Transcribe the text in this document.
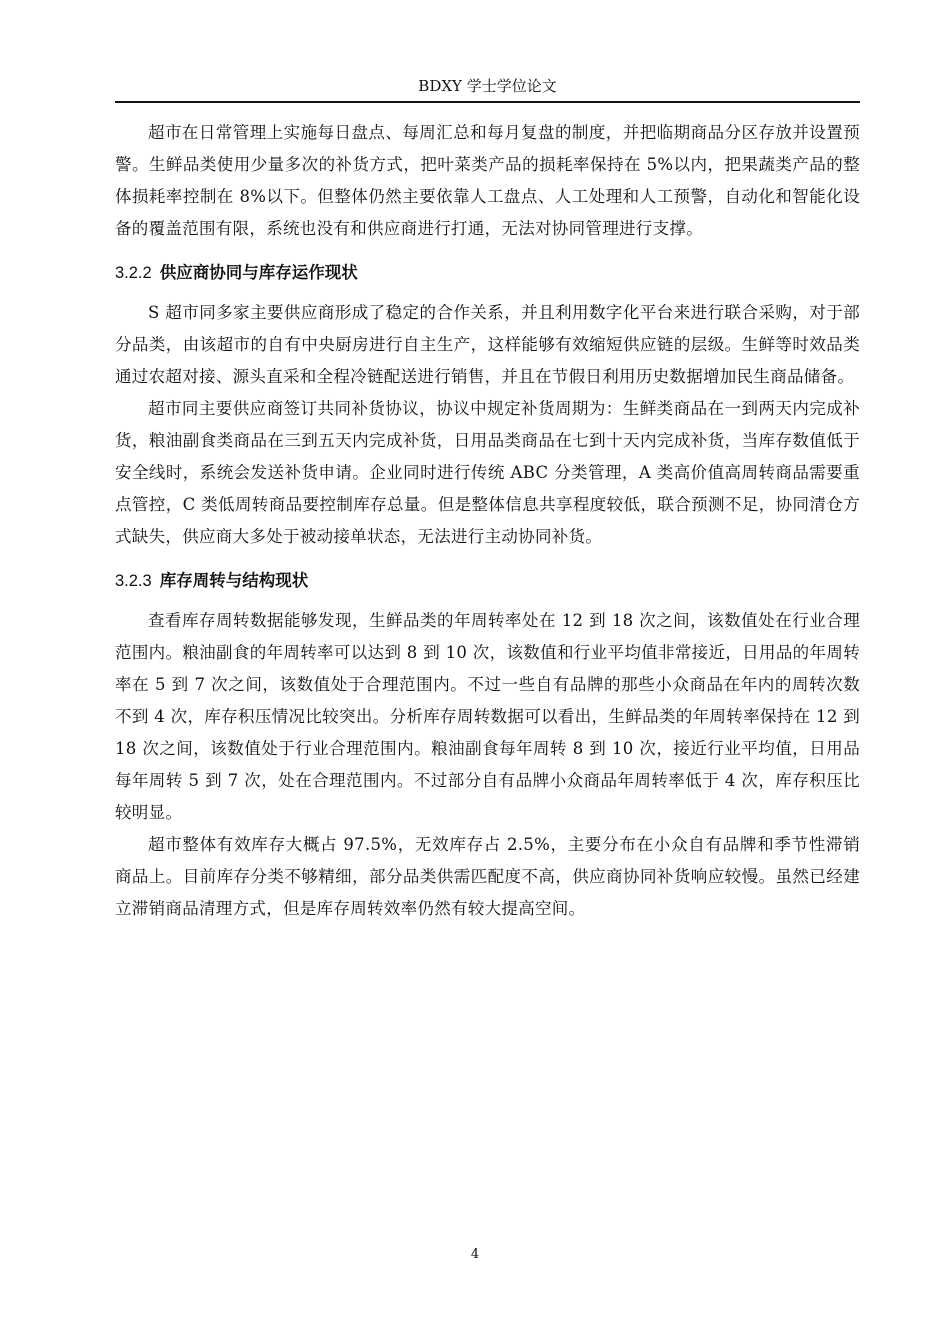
BDXY 学士学位论文

超市在日常管理上实施每日盘点、每周汇总和每月复盘的制度，并把临期商品分区存放并设置预警。生鲜品类使用少量多次的补货方式，把叶菜类产品的损耗率保持在 5%以内，把果蔬类产品的整体损耗率控制在 8%以下。但整体仍然主要依靠人工盘点、人工处理和人工预警，自动化和智能化设备的覆盖范围有限，系统也没有和供应商进行打通，无法对协同管理进行支撑。

3.2.2 供应商协同与库存运作现状

S 超市同多家主要供应商形成了稳定的合作关系，并且利用数字化平台来进行联合采购，对于部分品类，由该超市的自有中央厨房进行自主生产，这样能够有效缩短供应链的层级。生鲜等时效品类通过农超对接、源头直采和全程冷链配送进行销售，并且在节假日利用历史数据增加民生商品储备。

超市同主要供应商签订共同补货协议，协议中规定补货周期为：生鲜类商品在一到两天内完成补货，粮油副食类商品在三到五天内完成补货，日用品类商品在七到十天内完成补货，当库存数值低于安全线时，系统会发送补货申请。企业同时进行传统 ABC 分类管理，A 类高价值高周转商品需要重点管控，C 类低周转商品要控制库存总量。但是整体信息共享程度较低，联合预测不足，协同清仓方式缺失，供应商大多处于被动接单状态，无法进行主动协同补货。

3.2.3 库存周转与结构现状

查看库存周转数据能够发现，生鲜品类的年周转率处在 12 到 18 次之间，该数值处在行业合理范围内。粮油副食的年周转率可以达到 8 到 10 次，该数值和行业平均值非常接近，日用品的年周转率在 5 到 7 次之间，该数值处于合理范围内。不过一些自有品牌的那些小众商品在年内的周转次数不到 4 次，库存积压情况比较突出。分析库存周转数据可以看出，生鲜品类的年周转率保持在 12 到 18 次之间，该数值处于行业合理范围内。粮油副食每年周转 8 到 10 次，接近行业平均值，日用品每年周转 5 到 7 次，处在合理范围内。不过部分自有品牌小众商品年周转率低于 4 次，库存积压比较明显。

超市整体有效库存大概占 97.5%，无效库存占 2.5%，主要分布在小众自有品牌和季节性滞销商品上。目前库存分类不够精细，部分品类供需匹配度不高，供应商协同补货响应较慢。虽然已经建立滞销商品清理方式，但是库存周转效率仍然有较大提高空间。

4
